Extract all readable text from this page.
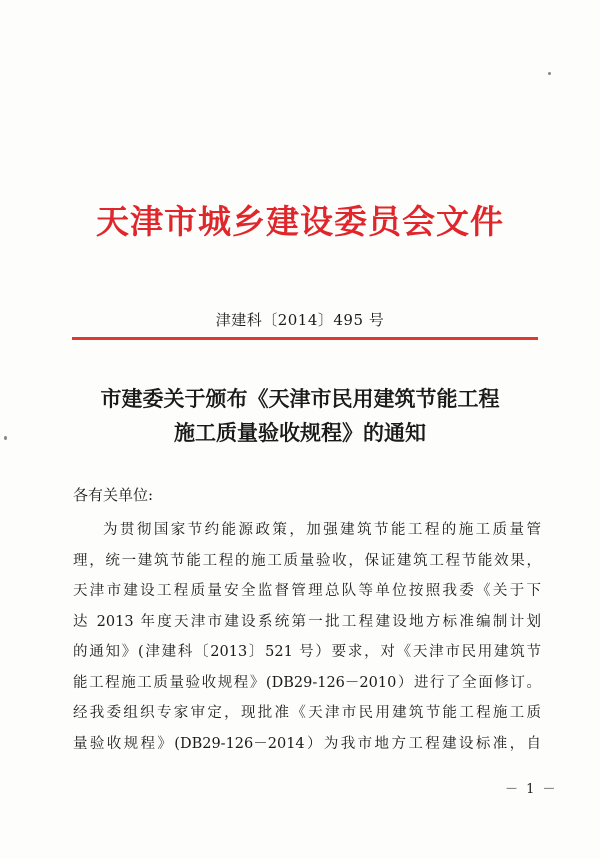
天津市城乡建设委员会文件
津建科〔2014〕495 号
市建委关于颁布《天津市民用建筑节能工程
施工质量验收规程》的通知
各有关单位:
为贯彻国家节约能源政策，加强建筑节能工程的施工质量管
理，统一建筑节能工程的施工质量验收，保证建筑工程节能效果，
天津市建设工程质量安全监督管理总队等单位按照我委《关于下
达 2013 年度天津市建设系统第一批工程建设地方标准编制计划
的通知》(津建科〔2013〕521 号）要求，对《天津市民用建筑节
能工程施工质量验收规程》(DB29-126－2010）进行了全面修订。
经我委组织专家审定，现批准《天津市民用建筑节能工程施工质
量验收规程》(DB29-126－2014）为我市地方工程建设标准，自
－ 1 －
